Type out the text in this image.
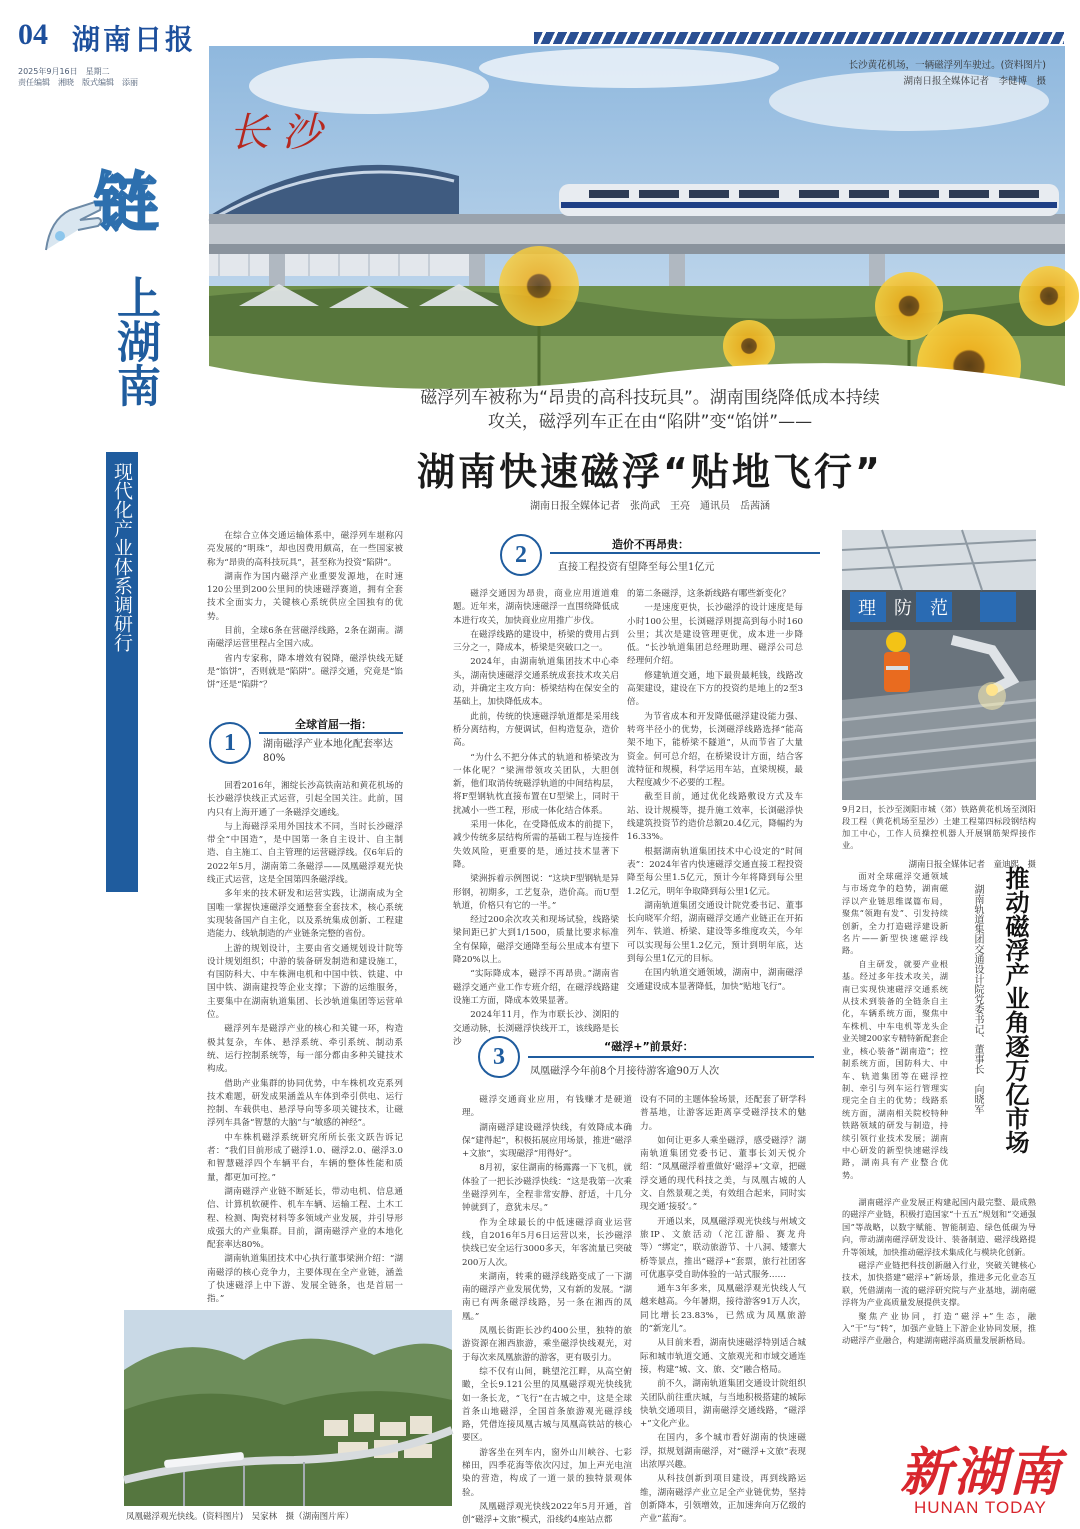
04 湖南日报
2025年9月16日　星期二
责任编辑　湘晓　版式编辑　添丽
长 沙
长沙黄花机场，一辆磁浮列车驶过。(资料图片)
湖南日报全媒体记者　李健博　摄
链
上湖南
现代化产业体系调研行
磁浮列车被称为“昂贵的高科技玩具”。湖南围绕降低成本持续攻关，磁浮列车正在由“陷阱”变“馅饼”——
湖南快速磁浮“贴地飞行”
湖南日报全媒体记者　张尚武　王亮　通讯员　岳茜涵

在综合立体交通运输体系中，磁浮列车堪称闪亮发展的“明珠”，却也因费用颇高，在一些国家被称为“昂贵的高科技玩具”，甚至称为投资“陷阱”。

湖南作为国内磁浮产业重要发源地，在时速120公里到200公里间的快速磁浮赛道，拥有全套技术全面实力，关键核心系统供应全国独有的优势。

目前，全球6条在营磁浮线路，2条在湖南。湖南磁浮运营里程占全国六成。

省内专家称，降本增效有锐降，磁浮快线无疑是“馅饼”，否则就是“陷阱”。磁浮交通，究竟是“馅饼”还是“陷阱”？

1
全球首屈一指：
湖南磁浮产业本地化配套率达80%

回看2016年，湘绽长沙高铁南站和黄花机场的长沙磁浮快线正式运营，引起全国关注。此前，国内只有上海开通了一条磁浮交通线。

与上海磁浮采用外国技术不同，当时长沙磁浮带全“中国造”，是中国第一条自主设计、自主制造、自主施工、自主管理的运营磁浮线。仅6年后的2022年5月，湖南第二条磁浮——凤凰磁浮观光快线正式运营，这是全国第四条磁浮线。

多年来的技术研发和运营实践，让湖南成为全国唯一掌握快速磁浮交通整套全套技术，核心系统实现装备国产自主化，以及系统集成创新、工程建造能力、线轨制造的产业链条完整的省份。

上游的规划设计，主要由省交通规划设计院等设计规划组织；中游的装备研发制造和建设施工，有国防科大、中车株洲电机和中国中铁、铁建、中国中铁、湖南建投等企业支撑；下游的运维服务，主要集中在湖南轨道集团、长沙轨道集团等运营单位。

磁浮列车是磁浮产业的核心和关键一环，构造极其复杂，车体、悬浮系统、牵引系统、制动系统、运行控制系统等，每一部分都由多种关键技术构成。

借助产业集群的协同优势，中车株机攻克系列技术难题，研发成果涵盖从车体到牵引供电、运行控制、车载供电、悬浮导向等多项关键技术，让磁浮列车具备“智慧的大脑”与“敏感的神经”。

中车株机磁浮系统研究所所长张文跃告诉记者：“我们目前形成了磁浮1.0、磁浮2.0、磁浮3.0和智慧磁浮四个车辆平台，车辆的整体性能和质量，都更加可控。”

湖南磁浮产业链不断延长，带动电机、信息通信、计算机软硬件、机车车辆、运输工程、土木工程、检测、陶瓷材料等多领域产业发展，并引导形成强大的产业集群。目前，湖南磁浮产业的本地化配套率达80%。

湖南轨道集团技术中心执行董事梁洲介绍：“湖南磁浮的核心竞争力，主要体现在全产业链，涵盖了快速磁浮上中下游、发展全链条，也是首屈一指。”

2	造价不再昂贵：
直接工程投资有望降至每公里1亿元

磁浮交通因为昂贵，商业应用道道难题。近年来，湖南快速磁浮一直围绕降低成本进行攻关，加快商业应用推广步伐。

在磁浮线路的建设中，桥梁的费用占到三分之一，降成本，桥梁是突破口之一。

2024年，由湖南轨道集团技术中心牵头，湖南快速磁浮交通系统成套技术攻关启动，并确定主攻方向：桥梁结构在保安全的基础上，加快降低成本。

此前，传统的快速磁浮轨道都是采用线桥分离结构，方便调试，但构造复杂，造价高。

“为什么不把分体式的轨道和桥梁改为一体化呢？”梁洲带领攻关团队，大胆创新，他们取消传统磁浮轨道的中间结构层，将F型钢轨枕直接布置在U型梁上，同时干扰减小一些工程，形成一体化结合体系。

采用一体化，在受降低成本的前提下，减少传统多层结构所需的基础工程与连接件失效风险，更重要的是，通过技术显著下降。

梁洲拆着示例图说：“这块F型钢轨是异形钢，初期多，工艺复杂，造价高。而U型轨道，价格只有它的一半。”

经过200余次攻关和现场试验，线路梁梁间距已扩大到1/1500，质量比要求标准全有保障，磁浮交通降至每公里成本有望下降20%以上。

“实际降成本，磁浮不再昂贵。”湖南省磁浮交通产业工作专班介绍，在磁浮线路建设施工方面，降成本效果显著。

2024年11月，作为市联长沙、浏阳的交通动脉，长浏磁浮快线开工，该线路是长沙

的第二条磁浮，这条新线路有哪些新变化？

一是速度更快，长沙磁浮的设计速度是每小时100公里，长浏磁浮则提高到每小时160公里；其次是建设管理更优，成本进一步降低。“长沙轨道集团总经理助理、磁浮公司总经理何介绍。

修建轨道交通，地下最贵最耗钱，线路改高架建设，建设在下方的投资约是地上的2至3倍。

为节省成本和开发降低磁浮建设能力强、转弯半径小的优势，长浏磁浮线路选择“能高架不地下，能桥梁不隧道”，从而节省了大量资金。何可总介绍，在桥梁设计方面，结合客流特征和规模，科学运用车站，直梁规模，最大程度减少不必要的工程。

截至目前，通过优化线路敷设方式及车站、设计规模等，提升施工效率，长浏磁浮快线建筑投资节约造价总额20.4亿元，降幅约为16.33%。

根据湖南轨道集团技术中心设定的“时间表”：2024年省内快速磁浮交通直接工程投资降至每公里1.5亿元，预计今年将降到每公里1.2亿元，明年争取降到每公里1亿元。

湖南轨道集团交通设计院党委书记、董事长向晓军介绍，湖南磁浮交通产业链正在开拓列车、铁道、桥梁、建设等多维度攻关，今年可以实现每公里1.2亿元，预计到明年底，达到每公里1亿元的目标。

在国内轨道交通领域，湖南中，湖南磁浮交通建设成本显著降低，加快“贴地飞行”。

3	“磁浮+”前景好：
凤凰磁浮今年前8个月接待游客逾90万人次

磁浮交通商业应用，有钱赚才是硬道理。

湖南磁浮建设磁浮快线，有效降成本确保“建得起”，积极拓展应用场景，推进“磁浮+文旅”，实现磁浮“用得好”。

8月初，家住湖南的杨露露一下飞机，就体验了一把长沙磁浮快线：“这是我第一次乘坐磁浮列车，全程非常安静、舒适，十几分钟就到了，意犹未尽。”

作为全球最长的中低速磁浮商业运营线，自2016年5月6日运营以来，长沙磁浮快线已安全运行3000多天，年客流量已突破200万人次。

来湖南，转乘的磁浮线路变成了一下湖南的磁浮产业发展优势，又有新的发展。“湖南已有两条磁浮线路，另一条在湘西的凤凰。”

凤凰长街距长沙约400公里，独特的旅游资源在湘西旅游，乘坐磁浮快线观光，对于每次来凤凰旅游的游客，更有吸引力。

综不仅有山间，眺望沱江畔，从高空俯瞰，全长9.121公里的凤凰磁浮观光快线犹如一条长龙，“飞行”在古城之中，这是全球首条山地磁浮，全国首条旅游观光磁浮线路，凭借连接凤凰古城与凤凰高铁站的核心要区。

游客坐在列车内，窗外山川峡谷、七彩梯田，四季花海等依次闪过，加上声光电渲染的营造，构成了一道一景的独特景观体验。

凤凰磁浮观光快线2022年5月开通，首创“磁浮+文旅”模式，沿线约4座站点都

设有不同的主题体验场景，还配套了研学科普基地，让游客远距离享受磁浮技术的魅力。

如何让更多人乘坐磁浮，感受磁浮？湖南轨道集团党委书记、董事长刘天悦介绍：“凤凰磁浮着重做好‘磁浮+’文章，把磁浮交通的现代科技之美，与凤凰古城的人文、自然景观之美，有效组合起来，同时实现交通‘接驳’。”

开通以来，凤凰磁浮观光快线与州域文旅IP、文旅活动（沱江游船、赛龙舟等）“绑定”，联动旅游节、十八洞、矮寨大桥等景点，推出“磁浮+”套票，旅行社团客可优惠享受自助体验的一站式服务……

通车3年多来，凤凰磁浮观光快线人气越来越高。今年暑期，接待游客91万人次，同比增长23.83%，已然成为凤凰旅游的“新宠儿”。

从目前来看，湖南快速磁浮特别适合城际和城市轨道交通、文旅观光和市域交通连接，构建“城、文、旅、交”融合格局。

前不久，湖南轨道集团交通设计院组织关团队前往重庆城，与当地积极搭建的城际快轨交通项目，湖南磁浮交通线路，“磁浮+”文化产业。

在国内，多个城市看好湖南的快速磁浮，拟规划湖南磁浮，对“磁浮+文旅”表现出浓厚兴趣。

从科技创新到项目建设，再到线路运维，湖南磁浮产业立足全产业链优势，坚持创新降本，引领增效，正加速奔向万亿级的产业“蓝海”。

理　防　范
9月2日，长沙至浏阳市城（郊）铁路黄花机场至浏阳段工程（黄花机场至星沙）土建工程第四标段钢结构加工中心，工作人员操控机器人开展钢筋架焊接作业。
湖南日报全媒体记者　童迪熙　摄
推动磁浮产业角逐万亿市场
湖南轨道集团交通设计院党委书记、董事长　向晓军

面对全球磁浮交通领域与市场竞争的趋势，湖南磁浮以产业链思维谋篇布局，聚焦“领跑有发”、引发持续创新，全力打造磁浮建设新名片——新型快速磁浮线路。

自主研发，就要产业根基。经过多年技术攻关，湖南已实现快速磁浮交通系统从技术到装备的全链条自主化，车辆系统方面，聚焦中车株机、中车电机等龙头企业关键200家专精特新配套企业，核心装备“湖南造”；控制系统方面，国防科大、中车、轨道集团等在磁浮控制、牵引与列车运行管理实现完全自主的优势；线路系统方面，湖南相关院校特种铁路领域的研发与制造，持续引领行业技术发展；湖南中心研发的新型快速磁浮线路，湖南具有产业整合优势。

湖南磁浮产业发展正构建起国内最完整、最成熟的磁浮产业链，积极打造国家“十五五”规划和“交通强国”等战略，以数字赋能、智能制造、绿色低碳为导向，带动湖南磁浮研发设计、装备制造、磁浮线路提升等领域，加快推动磁浮技术集成化与模块化创新。

磁浮产业链把科技创新融入行业，突破关键核心技术，加快搭建“磁浮+”新场景，推进多元化业态互联，凭借湖南一流的磁浮研究院与产业基地，湖南磁浮将为产业高质量发展提供支撑。

聚焦产业协同，打造“磁浮+”生态，融入“干”与“转”，加强产业链上下游企业协同发展，推动磁浮产业融合，构建湖南磁浮高质量发展新格局。

凤凰磁浮观光快线。(资料图片)　吴家林　摄（湖南图片库）
新湖南
HUNAN TODAY
